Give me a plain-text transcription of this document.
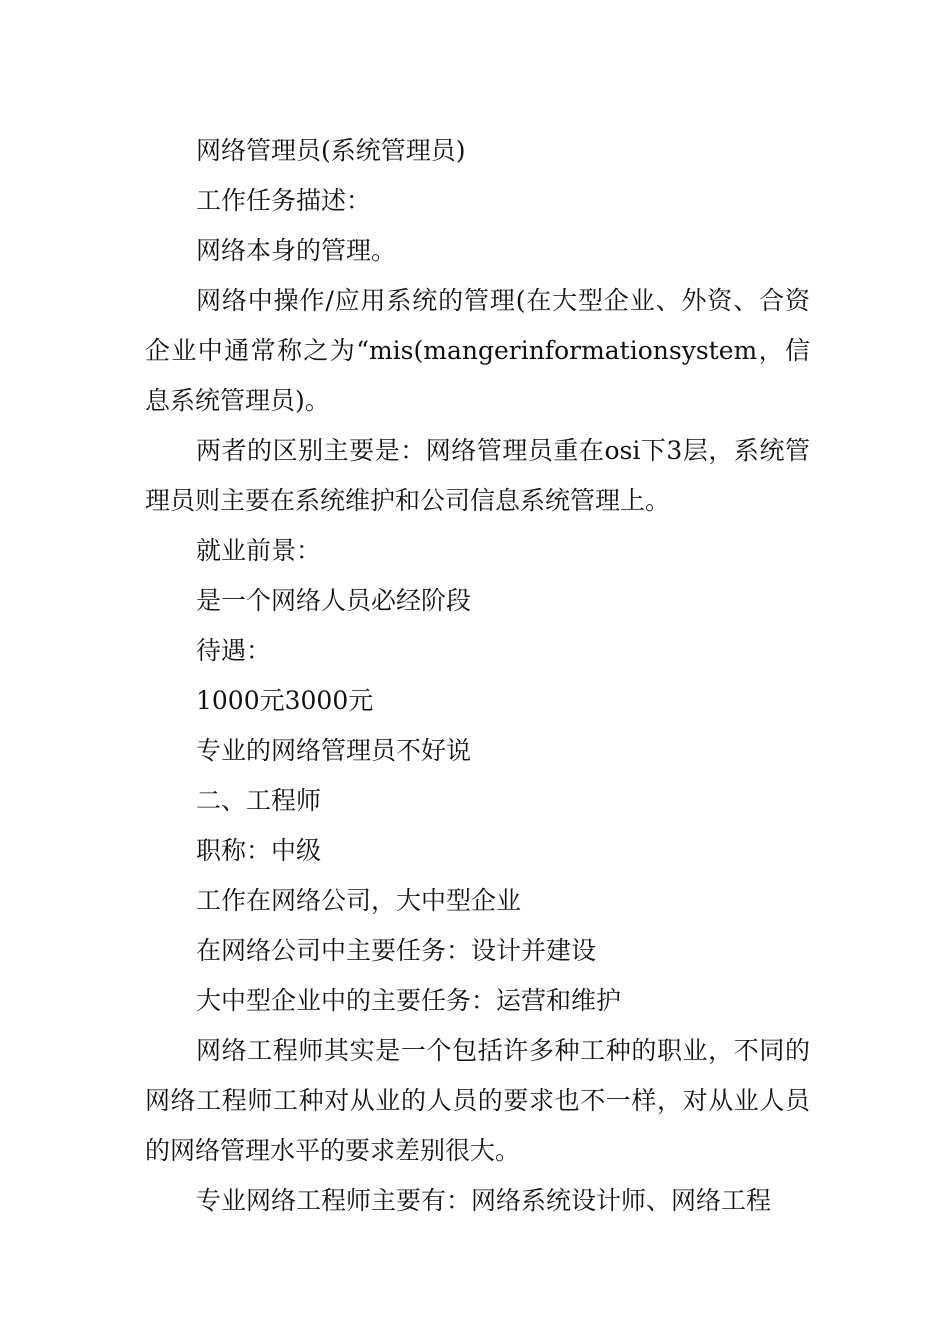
网络管理员(系统管理员)

工作任务描述：

网络本身的管理。

网络中操作/应用系统的管理(在大型企业、外资、合资企业中通常称之为“mis(mangerinformationsystem，信息系统管理员)。

两者的区别主要是：网络管理员重在osi下3层，系统管理员则主要在系统维护和公司信息系统管理上。

就业前景：

是一个网络人员必经阶段

待遇：

1000元3000元

专业的网络管理员不好说

二、工程师

职称：中级

工作在网络公司，大中型企业

在网络公司中主要任务：设计并建设

大中型企业中的主要任务：运营和维护

网络工程师其实是一个包括许多种工种的职业，不同的网络工程师工种对从业的人员的要求也不一样，对从业人员的网络管理水平的要求差别很大。

专业网络工程师主要有：网络系统设计师、网络工程
